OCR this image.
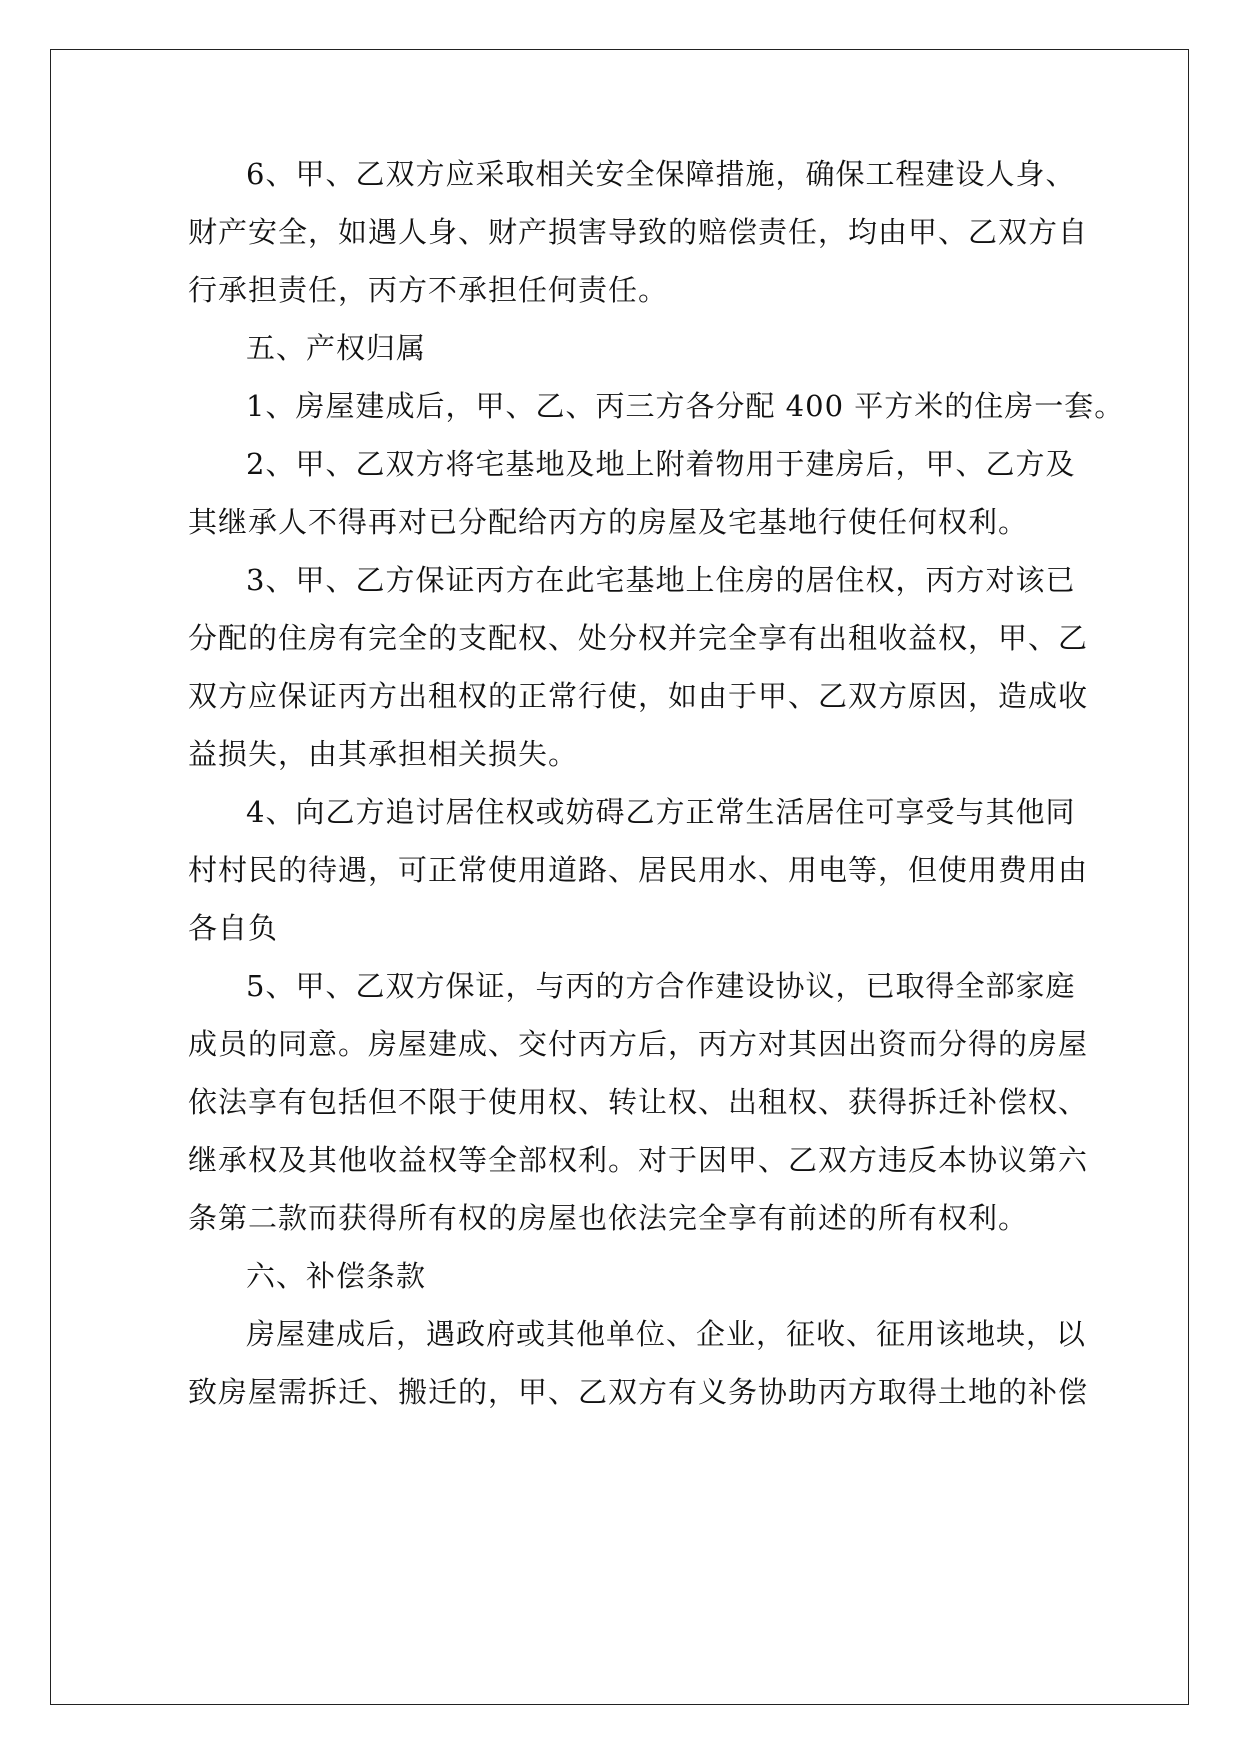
6、甲、乙双方应采取相关安全保障措施，确保工程建设人身、
财产安全，如遇人身、财产损害导致的赔偿责任，均由甲、乙双方自
行承担责任，丙方不承担任何责任。
五、产权归属
1、房屋建成后，甲、乙、丙三方各分配 400 平方米的住房一套。
2、甲、乙双方将宅基地及地上附着物用于建房后，甲、乙方及
其继承人不得再对已分配给丙方的房屋及宅基地行使任何权利。
3、甲、乙方保证丙方在此宅基地上住房的居住权，丙方对该已
分配的住房有完全的支配权、处分权并完全享有出租收益权，甲、乙
双方应保证丙方出租权的正常行使，如由于甲、乙双方原因，造成收
益损失，由其承担相关损失。
4、向乙方追讨居住权或妨碍乙方正常生活居住可享受与其他同
村村民的待遇，可正常使用道路、居民用水、用电等，但使用费用由
各自负
5、甲、乙双方保证，与丙的方合作建设协议，已取得全部家庭
成员的同意。房屋建成、交付丙方后，丙方对其因出资而分得的房屋
依法享有包括但不限于使用权、转让权、出租权、获得拆迁补偿权、
继承权及其他收益权等全部权利。对于因甲、乙双方违反本协议第六
条第二款而获得所有权的房屋也依法完全享有前述的所有权利。
六、补偿条款
房屋建成后，遇政府或其他单位、企业，征收、征用该地块，以
致房屋需拆迁、搬迁的，甲、乙双方有义务协助丙方取得土地的补偿
